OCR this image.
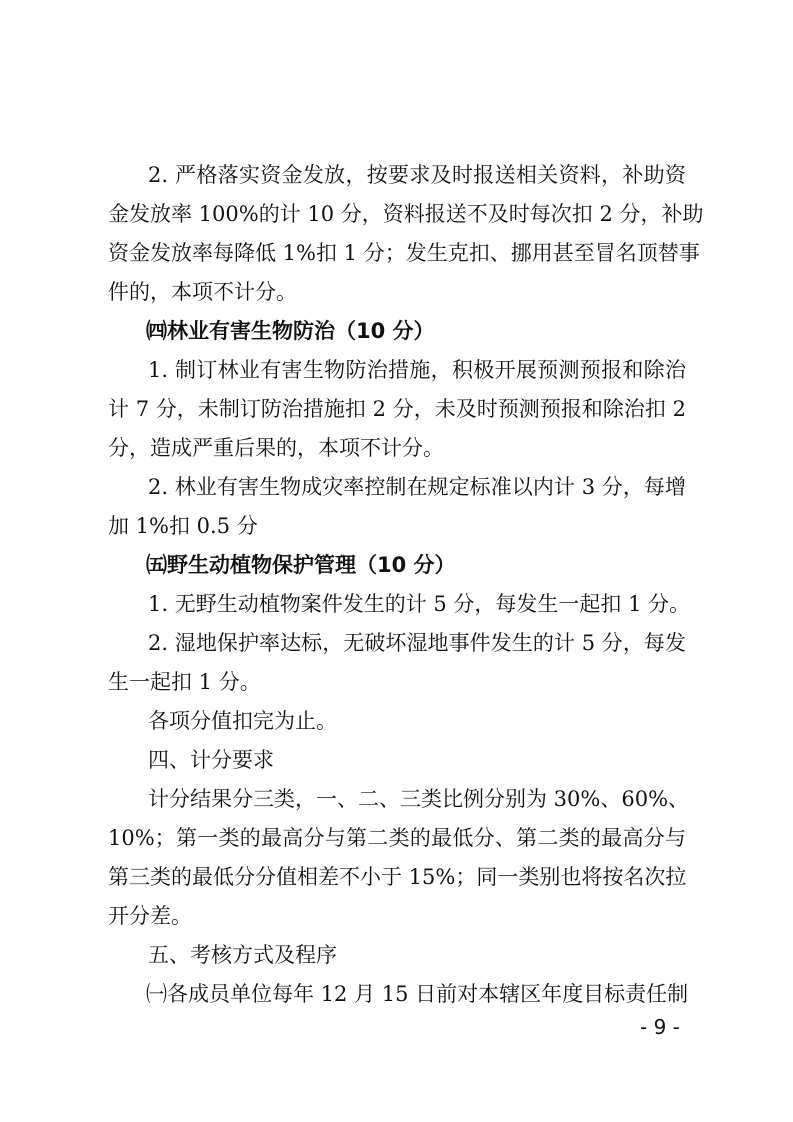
2. 严格落实资金发放，按要求及时报送相关资料，补助资
金发放率 100%的计 10 分，资料报送不及时每次扣 2 分，补助
资金发放率每降低 1%扣 1 分；发生克扣、挪用甚至冒名顶替事
件的，本项不计分。
㈣林业有害生物防治（10 分）
1. 制订林业有害生物防治措施，积极开展预测预报和除治
计 7 分，未制订防治措施扣 2 分，未及时预测预报和除治扣 2
分，造成严重后果的，本项不计分。
2. 林业有害生物成灾率控制在规定标准以内计 3 分，每增
加 1%扣 0.5 分
㈤野生动植物保护管理（10 分）
1. 无野生动植物案件发生的计 5 分，每发生一起扣 1 分。
2. 湿地保护率达标，无破坏湿地事件发生的计 5 分，每发
生一起扣 1 分。
各项分值扣完为止。
四、计分要求
计分结果分三类，一、二、三类比例分别为 30%、60%、
10%；第一类的最高分与第二类的最低分、第二类的最高分与
第三类的最低分分值相差不小于 15%；同一类别也将按名次拉
开分差。
五、考核方式及程序
㈠各成员单位每年 12 月 15 日前对本辖区年度目标责任制
- 9 -
